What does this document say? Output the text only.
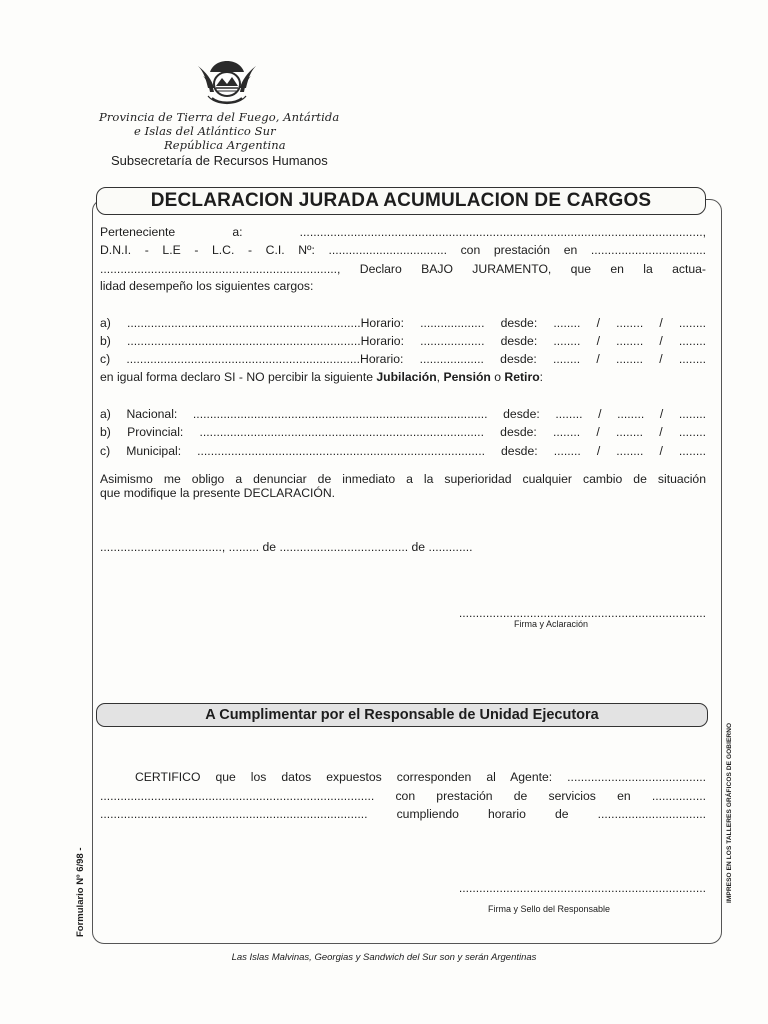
Provincia de Tierra del Fuego, Antártida
e Islas del Atlántico Sur
República Argentina
Subsecretaría de Recursos Humanos
DECLARACION JURADA ACUMULACION DE CARGOS
Perteneciente a: .......................................................................................................................,
D.N.I. - L.E - L.C. - C.I. Nº: ................................... con prestación en ..................................
......................................................................, Declaro BAJO JURAMENTO, que en la actua-
lidad desempeño los siguientes cargos:
a) .....................................................................Horario: ................... desde: ........ / ........ / ........
b) .....................................................................Horario: ................... desde: ........ / ........ / ........
c) .....................................................................Horario: ................... desde: ........ / ........ / ........
en igual forma declaro SI - NO percibir la siguiente Jubilación, Pensión o Retiro:
a) Nacional: ....................................................................................... desde: ........ / ........ / ........
b) Provincial: .................................................................................... desde: ........ / ........ / ........
c) Municipal: ..................................................................................... desde: ........ / ........ / ........
Asimismo me obligo a denunciar de inmediato a la superioridad cualquier cambio de situación
que modifique la presente DECLARACIÓN.
...................................., ......... de ...................................... de .............
.........................................................................
Firma y Aclaración
A Cumplimentar por el Responsable de Unidad Ejecutora
CERTIFICO que los datos expuestos corresponden al Agente: .........................................
................................................................................. con prestación de servicios en ................
............................................................................... cumpliendo horario de ................................
.........................................................................
Firma y Sello del Responsable
Formulario Nº 6/98 -	IMPRESO EN LOS TALLERES GRÁFICOS DE GOBIERNO
Las Islas Malvinas, Georgias y Sandwich del Sur son y serán Argentinas
